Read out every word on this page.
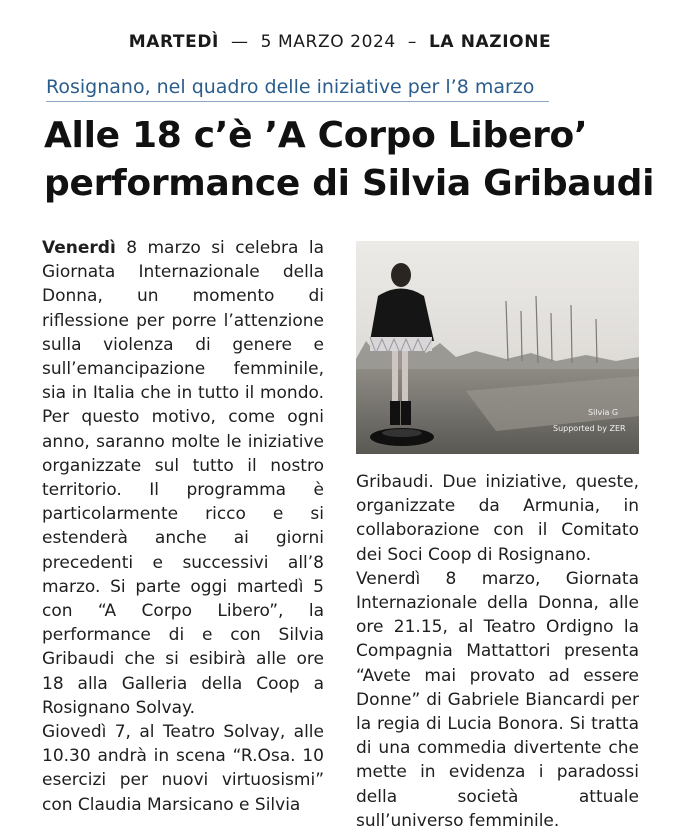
MARTEDÌ — 5 MARZO 2024 – LA NAZIONE
Rosignano, nel quadro delle iniziative per l’8 marzo
Alle 18 c’è ’A Corpo Libero’
performance di Silvia Gribaudi

Venerdì 8 marzo si celebra la Giornata Internazionale della Donna, un momento di riflessione per porre l’attenzione sulla violenza di genere e sull’emancipazione femminile, sia in Italia che in tutto il mondo. Per questo motivo, come ogni anno, saranno molte le iniziative organizzate sul tutto il nostro territorio. Il programma è particolarmente ricco e si estenderà anche ai giorni precedenti e successivi all’8 marzo. Si parte oggi martedì 5 con “A Corpo Libero”, la performance di e con Silvia Gribaudi che si esibirà alle ore 18 alla Galleria della Coop a Rosignano Solvay.

Giovedì 7, al Teatro Solvay, alle 10.30 andrà in scena “R.Osa. 10 esercizi per nuovi virtuosismi” con Claudia Marsicano e Silvia

Silvia G
Supported by ZER

Gribaudi. Due iniziative, queste, organizzate da Armunia, in collaborazione con il Comitato dei Soci Coop di Rosignano.

Venerdì 8 marzo, Giornata Internazionale della Donna, alle ore 21.15, al Teatro Ordigno la Compagnia Mattattori presenta “Avete mai provato ad essere Donne” di Gabriele Biancardi per la regia di Lucia Bonora. Si tratta di una commedia divertente che mette in evidenza i paradossi della società attuale sull’universo femminile.
